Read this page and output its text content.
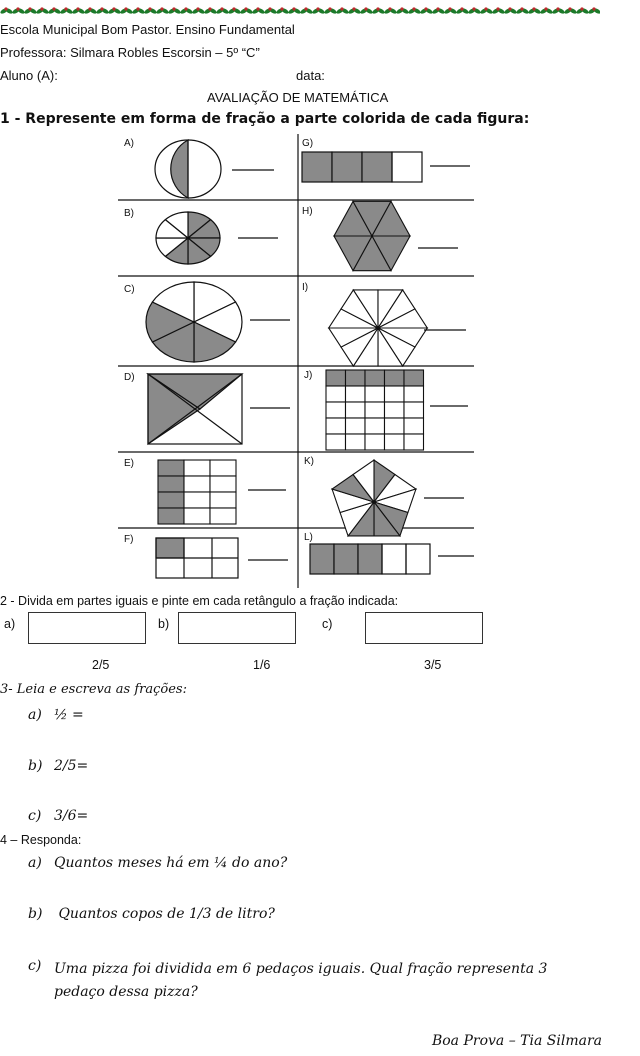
Escola Municipal Bom Pastor. Ensino Fundamental
Professora: Silmara Robles Escorsin – 5º “C”
Aluno (A):	data:
AVALIAÇÃO DE MATEMÁTICA
1 - Represente em forma de fração a parte colorida de cada figura:
A)	G)
B)	H)
C)	I)
D)	J)
E)	K)
F)	L)
2 - Divida em partes iguais e pinte em cada retângulo a fração indicada:
a)	b)	c)
2/5	1/6	3/5
3- Leia e escreva as frações:
a) ½ =
b) 2/5=
c) 3/6=
4 – Responda:
a) Quantos meses há em ¼ do ano?
b) Quantos copos de 1/3 de litro?
c) Uma pizza foi dividida em 6 pedaços iguais. Qual fração representa 3 pedaço dessa pizza?
Boa Prova – Tia Silmara
